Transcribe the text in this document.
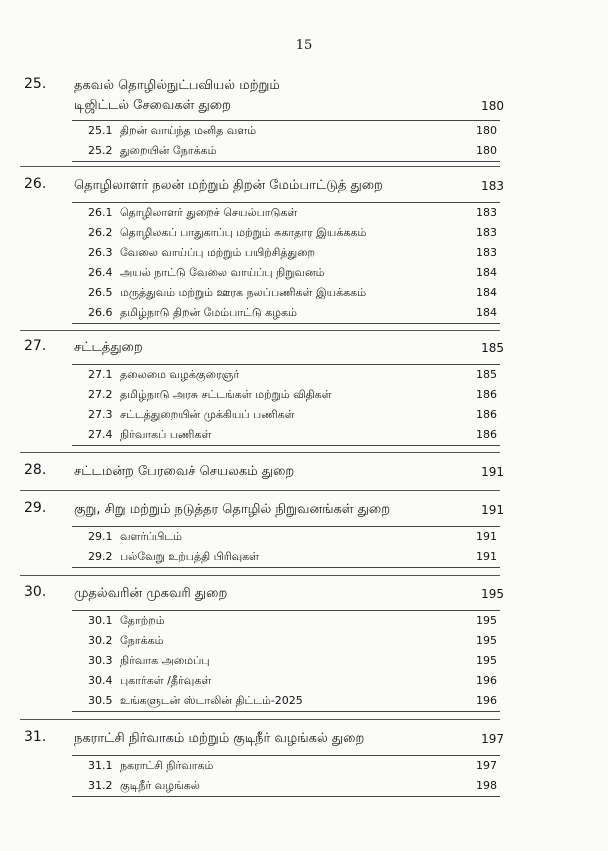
15
25. தகவல் தொழில்நுட்பவியல் மற்றும்
டிஜிட்டல் சேவைகள் துறை	180
25.1 திறன் வாய்ந்த மனித வளம்	180
25.2 துறையின் நோக்கம்	180
26. தொழிலாளர் நலன் மற்றும் திறன் மேம்பாட்டுத் துறை	183
26.1 தொழிலாளர் துறைச் செயல்பாடுகள்	183
26.2 தொழிலகப் பாதுகாப்பு மற்றும் சுகாதார இயக்ககம்	183
26.3 வேலை வாய்ப்பு மற்றும் பயிற்சித்துறை	183
26.4 அயல் நாட்டு வேலை வாய்ப்பு நிறுவனம்	184
26.5 மருத்துவம் மற்றும் ஊரக நலப்பணிகள் இயக்ககம்	184
26.6 தமிழ்நாடு திறன் மேம்பாட்டு கழகம்	184
27. சட்டத்துறை	185
27.1 தலைமை வழக்குரைஞர்	185
27.2 தமிழ்நாடு அரசு சட்டங்கள் மற்றும் விதிகள்	186
27.3 சட்டத்துறையின் முக்கியப் பணிகள்	186
27.4 நிர்வாகப் பணிகள்	186
28. சட்டமன்ற பேரவைச் செயலகம் துறை	191
29. குறு, சிறு மற்றும் நடுத்தர தொழில் நிறுவனங்கள் துறை	191
29.1 வளர்ப்பிடம்	191
29.2 பல்வேறு உற்பத்தி பிரிவுகள்	191
30. முதல்வரின் முகவரி துறை	195
30.1 தோற்றம்	195
30.2 நோக்கம்	195
30.3 நிர்வாக அமைப்பு	195
30.4 புகார்கள் /தீர்வுகள்	196
30.5 உங்களுடன் ஸ்டாலின் திட்டம்-2025	196
31. நகராட்சி நிர்வாகம் மற்றும் குடிநீர் வழங்கல் துறை	197
31.1 நகராட்சி நிர்வாகம்	197
31.2 குடிநீர் வழங்கல்	198
